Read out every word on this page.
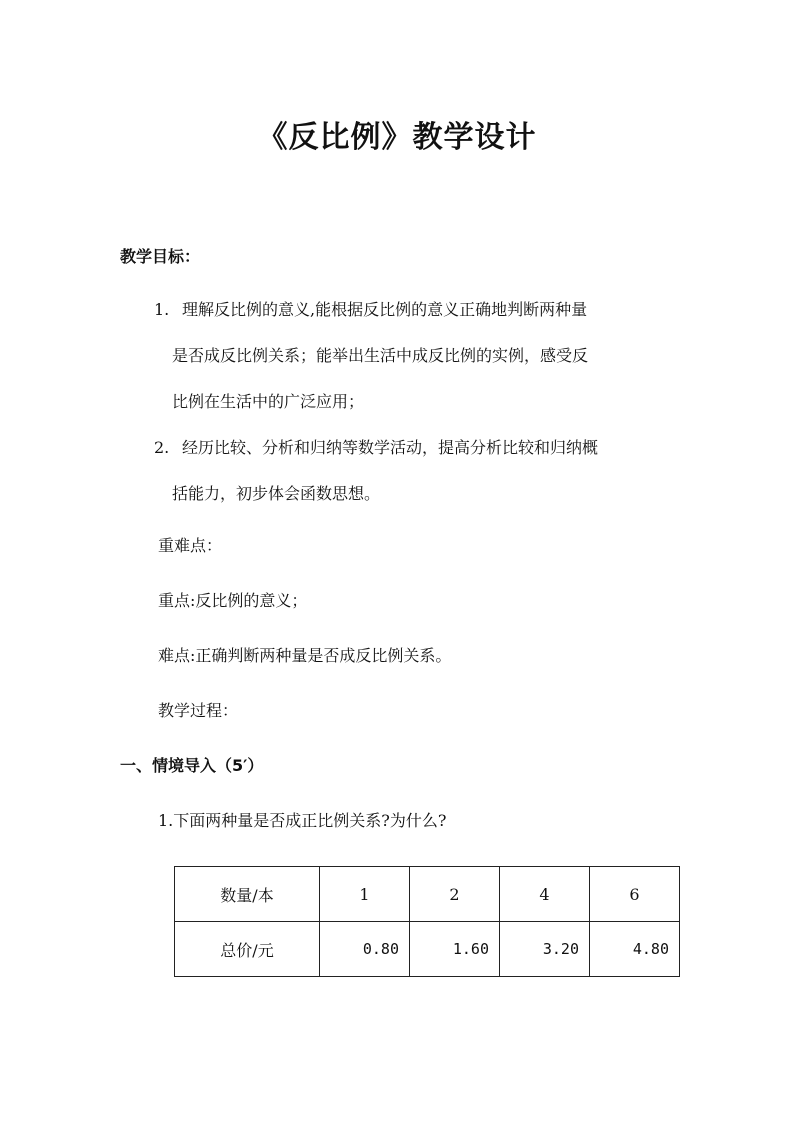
《反比例》教学设计
教学目标：
1. 理解反比例的意义,能根据反比例的意义正确地判断两种量
是否成反比例关系；能举出生活中成反比例的实例，感受反
比例在生活中的广泛应用；
2. 经历比较、分析和归纳等数学活动，提高分析比较和归纳概
括能力，初步体会函数思想。
重难点：
重点:反比例的意义；
难点:正确判断两种量是否成反比例关系。
教学过程：
一、情境导入（5′）
1.下面两种量是否成正比例关系?为什么?
数量/本	1	2	4	6
总价/元	0.80	1.60	3.20	4.80
